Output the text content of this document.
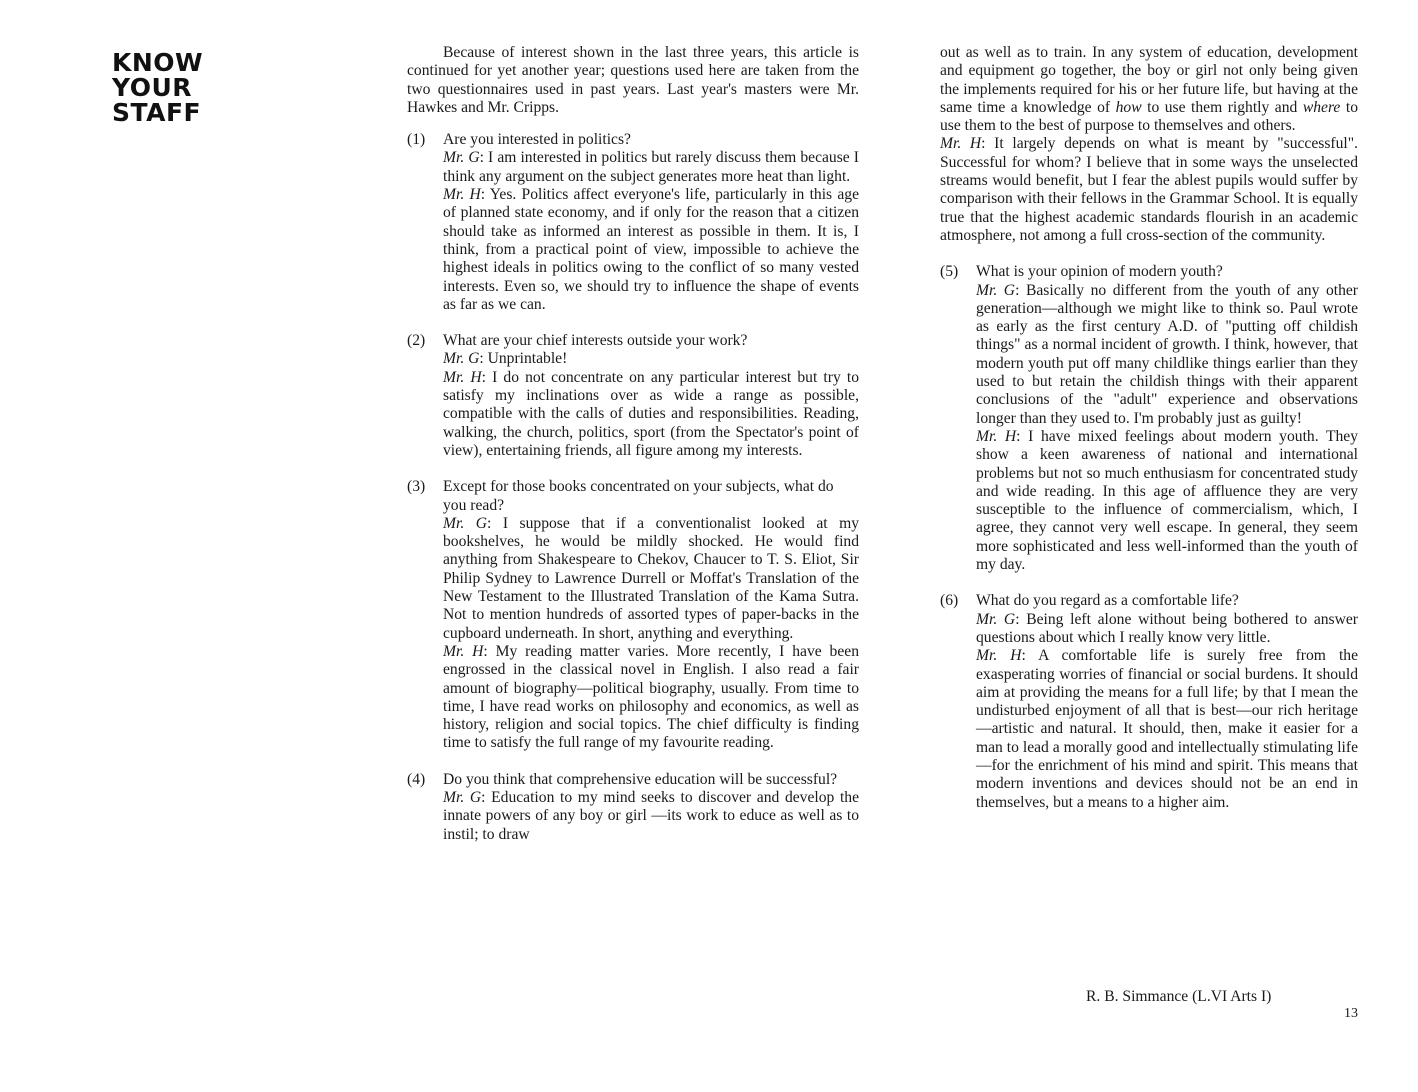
KNOW
YOUR
STAFF

Because of interest shown in the last three years, this article is continued for yet another year; questions used here are taken from the two questionnaires used in past years. Last year's masters were Mr. Hawkes and Mr. Cripps.

(1)	Are you interested in politics?

Mr. G: I am interested in politics but rarely discuss them because I think any argument on the subject generates more heat than light.

Mr. H: Yes. Politics affect everyone's life, particularly in this age of planned state economy, and if only for the reason that a citizen should take as informed an interest as possible in them. It is, I think, from a practical point of view, impossible to achieve the highest ideals in politics owing to the conflict of so many vested interests. Even so, we should try to influence the shape of events as far as we can.

(2)	What are your chief interests outside your work?

Mr. G: Unprintable!

Mr. H: I do not concentrate on any particular interest but try to satisfy my inclinations over as wide a range as possible, compatible with the calls of duties and responsibilities. Reading, walking, the church, politics, sport (from the Spectator's point of view), entertaining friends, all figure among my interests.

(3)	Except for those books concentrated on your subjects, what do you read?

Mr. G: I suppose that if a conventionalist looked at my bookshelves, he would be mildly shocked. He would find anything from Shakespeare to Chekov, Chaucer to T. S. Eliot, Sir Philip Sydney to Lawrence Durrell or Moffat's Translation of the New Testament to the Illustrated Translation of the Kama Sutra. Not to mention hundreds of assorted types of paper-backs in the cupboard underneath. In short, anything and everything.

Mr. H: My reading matter varies. More recently, I have been engrossed in the classical novel in English. I also read a fair amount of biography—political biography, usually. From time to time, I have read works on philosophy and economics, as well as history, religion and social topics. The chief difficulty is finding time to satisfy the full range of my favourite reading.

(4)	Do you think that comprehensive education will be successful?

Mr. G: Education to my mind seeks to discover and develop the innate powers of any boy or girl —its work to educe as well as to instil; to draw

out as well as to train. In any system of education, development and equipment go together, the boy or girl not only being given the implements required for his or her future life, but having at the same time a knowledge of how to use them rightly and where to use them to the best of purpose to themselves and others.

Mr. H: It largely depends on what is meant by "successful". Successful for whom? I believe that in some ways the unselected streams would benefit, but I fear the ablest pupils would suffer by comparison with their fellows in the Grammar School. It is equally true that the highest academic standards flourish in an academic atmosphere, not among a full cross-section of the community.

(5)	What is your opinion of modern youth?

Mr. G: Basically no different from the youth of any other generation—although we might like to think so. Paul wrote as early as the first century A.D. of "putting off childish things" as a normal incident of growth. I think, however, that modern youth put off many childlike things earlier than they used to but retain the childish things with their apparent conclusions of the "adult" experience and observations longer than they used to. I'm probably just as guilty!

Mr. H: I have mixed feelings about modern youth. They show a keen awareness of national and international problems but not so much enthusiasm for concentrated study and wide reading. In this age of affluence they are very susceptible to the influence of commercialism, which, I agree, they cannot very well escape. In general, they seem more sophisticated and less well-informed than the youth of my day.

(6)	What do you regard as a comfortable life?

Mr. G: Being left alone without being bothered to answer questions about which I really know very little.

Mr. H: A comfortable life is surely free from the exasperating worries of financial or social burdens. It should aim at providing the means for a full life; by that I mean the undisturbed enjoyment of all that is best—our rich heritage—artistic and natural. It should, then, make it easier for a man to lead a morally good and intellectually stimulating life—for the enrichment of his mind and spirit. This means that modern inventions and devices should not be an end in themselves, but a means to a higher aim.

R. B. Simmance (L.VI Arts I)
13
